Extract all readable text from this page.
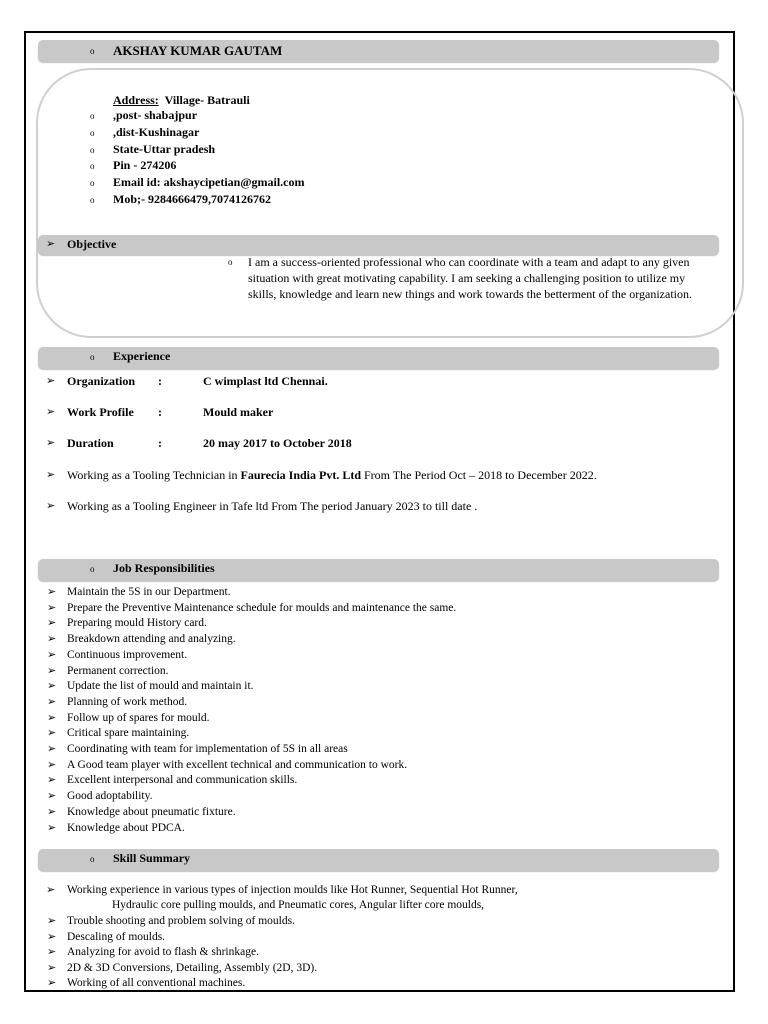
o AKSHAY KUMAR GAUTAM
Address: Village- Batrauli
o ,post- shabajpur
o ,dist-Kushinagar
o State-Uttar pradesh
o Pin - 274206
o Email id: akshaycipetian@gmail.com
o Mob;- 9284666479,7074126762
➢ Objective
o I am a success-oriented professional who can coordinate with a team and adapt to any given situation with great motivating capability. I am seeking a challenging position to utilize my skills, knowledge and learn new things and work towards the betterment of the organization.
o Experience
➢ Organization :	C wimplast ltd Chennai.
➢ Work Profile :	Mould maker
➢ Duration	:	20 may 2017 to October 2018
➢ Working as a Tooling Technician in Faurecia India Pvt. Ltd From The Period Oct – 2018 to December 2022.
➢ Working as a Tooling Engineer in Tafe ltd From The period January 2023 to till date .
o Job Responsibilities
➢ Maintain the 5S in our Department.
➢ Prepare the Preventive Maintenance schedule for moulds and maintenance the same.
➢ Preparing mould History card.
➢ Breakdown attending and analyzing.
➢ Continuous improvement.
➢ Permanent correction.
➢ Update the list of mould and maintain it.
➢ Planning of work method.
➢ Follow up of spares for mould.
➢ Critical spare maintaining.
➢ Coordinating with team for implementation of 5S in all areas
➢ A Good team player with excellent technical and communication to work.
➢ Excellent interpersonal and communication skills.
➢ Good adoptability.
➢ Knowledge about pneumatic fixture.
➢ Knowledge about PDCA.
o Skill Summary
➢ Working experience in various types of injection moulds like Hot Runner, Sequential Hot Runner,
Hydraulic core pulling moulds, and Pneumatic cores, Angular lifter core moulds,
➢ Trouble shooting and problem solving of moulds.
➢ Descaling of moulds.
➢ Analyzing for avoid to flash & shrinkage.
➢ 2D & 3D Conversions, Detailing, Assembly (2D, 3D).
➢ Working of all conventional machines.
